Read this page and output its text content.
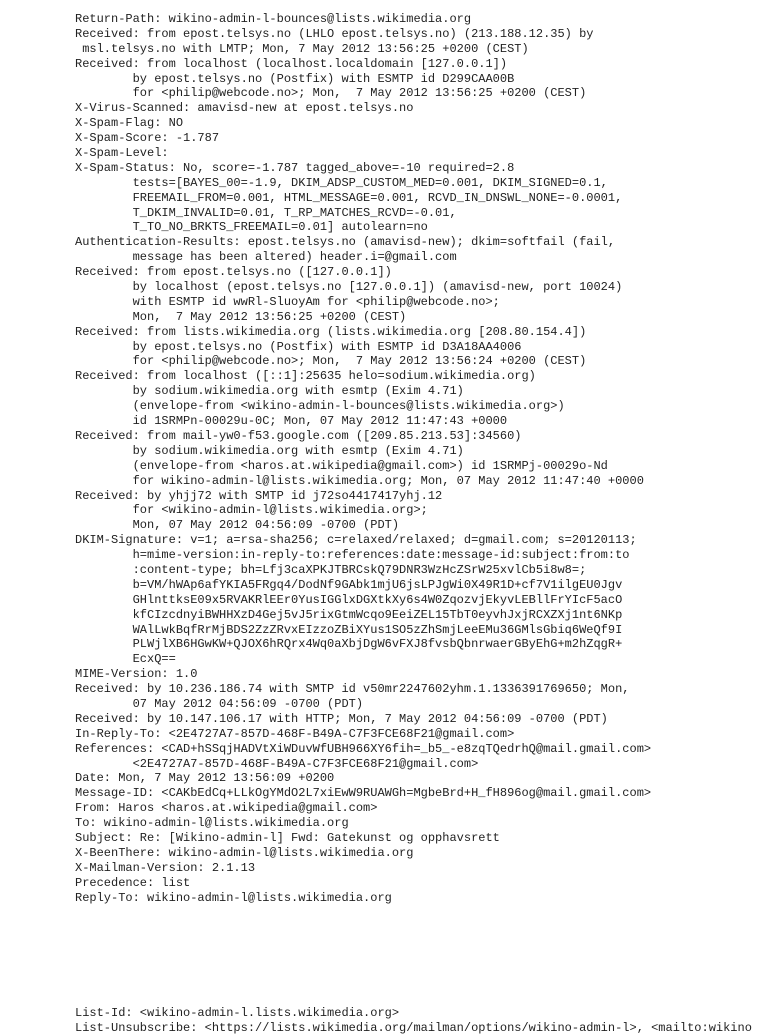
Return-Path: wikino-admin-l-bounces@lists.wikimedia.org
Received: from epost.telsys.no (LHLO epost.telsys.no) (213.188.12.35) by
msl.telsys.no with LMTP; Mon, 7 May 2012 13:56:25 +0200 (CEST)
Received: from localhost (localhost.localdomain [127.0.0.1])
by epost.telsys.no (Postfix) with ESMTP id D299CAA00B
for <philip@webcode.no>; Mon,  7 May 2012 13:56:25 +0200 (CEST)
X-Virus-Scanned: amavisd-new at epost.telsys.no
X-Spam-Flag: NO
X-Spam-Score: -1.787
X-Spam-Level:
X-Spam-Status: No, score=-1.787 tagged_above=-10 required=2.8
tests=[BAYES_00=-1.9, DKIM_ADSP_CUSTOM_MED=0.001, DKIM_SIGNED=0.1,
FREEMAIL_FROM=0.001, HTML_MESSAGE=0.001, RCVD_IN_DNSWL_NONE=-0.0001,
T_DKIM_INVALID=0.01, T_RP_MATCHES_RCVD=-0.01,
T_TO_NO_BRKTS_FREEMAIL=0.01] autolearn=no
Authentication-Results: epost.telsys.no (amavisd-new); dkim=softfail (fail,
message has been altered) header.i=@gmail.com
Received: from epost.telsys.no ([127.0.0.1])
by localhost (epost.telsys.no [127.0.0.1]) (amavisd-new, port 10024)
with ESMTP id wwRl-SluoyAm for <philip@webcode.no>;
Mon,  7 May 2012 13:56:25 +0200 (CEST)
Received: from lists.wikimedia.org (lists.wikimedia.org [208.80.154.4])
by epost.telsys.no (Postfix) with ESMTP id D3A18AA4006
for <philip@webcode.no>; Mon,  7 May 2012 13:56:24 +0200 (CEST)
Received: from localhost ([::1]:25635 helo=sodium.wikimedia.org)
by sodium.wikimedia.org with esmtp (Exim 4.71)
(envelope-from <wikino-admin-l-bounces@lists.wikimedia.org>)
id 1SRMPn-00029u-0C; Mon, 07 May 2012 11:47:43 +0000
Received: from mail-yw0-f53.google.com ([209.85.213.53]:34560)
by sodium.wikimedia.org with esmtp (Exim 4.71)
(envelope-from <haros.at.wikipedia@gmail.com>) id 1SRMPj-00029o-Nd
for wikino-admin-l@lists.wikimedia.org; Mon, 07 May 2012 11:47:40 +0000
Received: by yhjj72 with SMTP id j72so4417417yhj.12
for <wikino-admin-l@lists.wikimedia.org>;
Mon, 07 May 2012 04:56:09 -0700 (PDT)
DKIM-Signature: v=1; a=rsa-sha256; c=relaxed/relaxed; d=gmail.com; s=20120113;
h=mime-version:in-reply-to:references:date:message-id:subject:from:to
:content-type; bh=Lfj3caXPKJTBRCskQ79DNR3WzHcZSrW25xvlCb5i8w8=;
b=VM/hWAp6afYKIA5FRgq4/DodNf9GAbk1mjU6jsLPJgWi0X49R1D+cf7V1ilgEU0Jgv
GHlnttksE09x5RVAKRlEEr0YusIGGlxDGXtkXy6s4W0ZqozvjEkyvLEBllFrYIcF5acO
kfCIzcdnyiBWHHXzD4Gej5vJ5rixGtmWcqo9EeiZEL15TbT0eyvhJxjRCXZXj1nt6NKp
WAlLwkBqfRrMjBDS2ZzZRvxEIzzoZBiXYus1SO5zZhSmjLeeEMu36GMlsGbiq6WeQf9I
PLWjlXB6HGwKW+QJOX6hRQrx4Wq0aXbjDgW6vFXJ8fvsbQbnrwaerGByEhG+m2hZqgR+
EcxQ==
MIME-Version: 1.0
Received: by 10.236.186.74 with SMTP id v50mr2247602yhm.1.1336391769650; Mon,
07 May 2012 04:56:09 -0700 (PDT)
Received: by 10.147.106.17 with HTTP; Mon, 7 May 2012 04:56:09 -0700 (PDT)
In-Reply-To: <2E4727A7-857D-468F-B49A-C7F3FCE68F21@gmail.com>
References: <CAD+hSSqjHADVtXiWDuvWfUBH966XY6fih=_b5_-e8zqTQedrhQ@mail.gmail.com>
<2E4727A7-857D-468F-B49A-C7F3FCE68F21@gmail.com>
Date: Mon, 7 May 2012 13:56:09 +0200
Message-ID: <CAKbEdCq+LLkOgYMdO2L7xiEwW9RUAWGh=MgbeBrd+H_fH896og@mail.gmail.com>
From: Haros <haros.at.wikipedia@gmail.com>
To: wikino-admin-l@lists.wikimedia.org
Subject: Re: [Wikino-admin-l] Fwd: Gatekunst og opphavsrett
X-BeenThere: wikino-admin-l@lists.wikimedia.org
X-Mailman-Version: 2.1.13
Precedence: list
Reply-To: wikino-admin-l@lists.wikimedia.org
List-Id: <wikino-admin-l.lists.wikimedia.org>
List-Unsubscribe: <https://lists.wikimedia.org/mailman/options/wikino-admin-l>, <mailto:wikino
